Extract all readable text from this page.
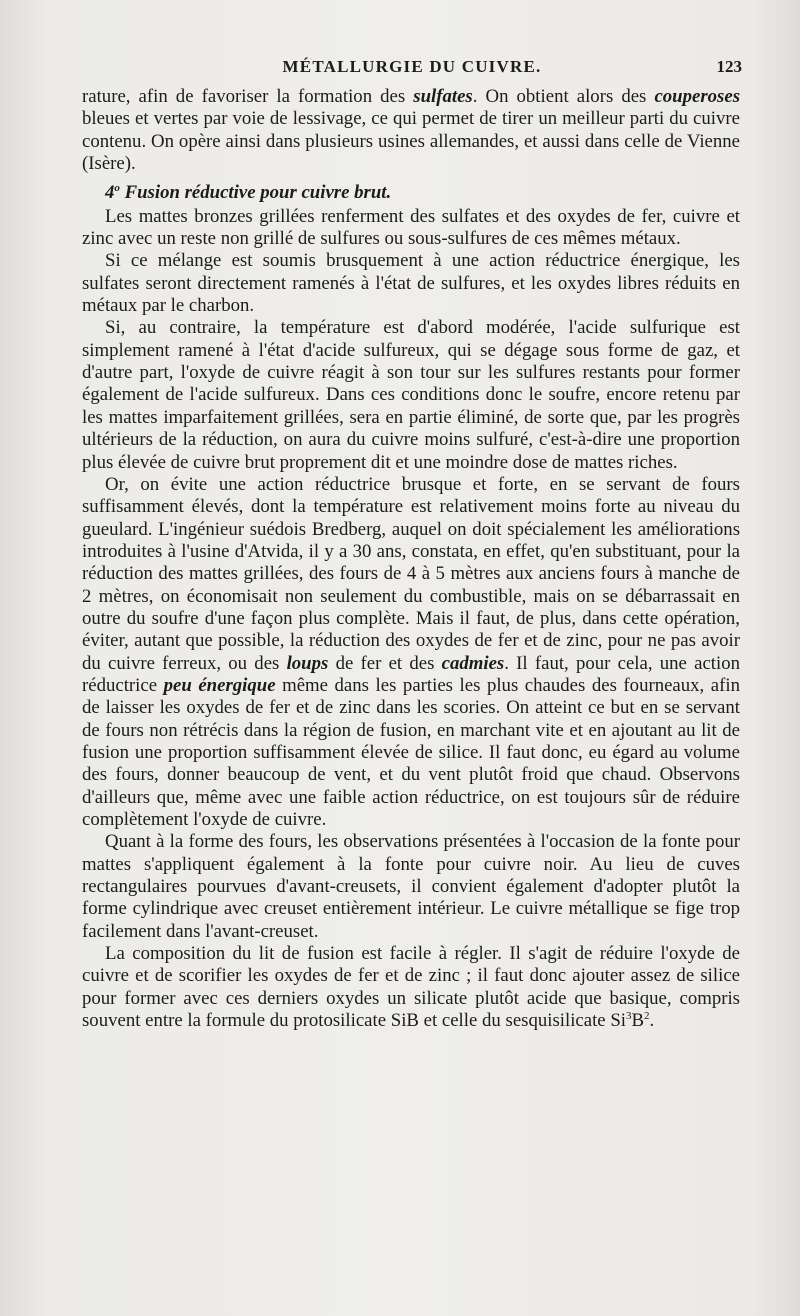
MÉTALLURGIE DU CUIVRE.	123

rature, afin de favoriser la formation des sulfates. On obtient alors des couperoses bleues et vertes par voie de lessivage, ce qui permet de tirer un meilleur parti du cuivre contenu. On opère ainsi dans plusieurs usines allemandes, et aussi dans celle de Vienne (Isère).

4$^o$ Fusion réductive pour cuivre brut.

Les mattes bronzes grillées renferment des sulfates et des oxydes de fer, cuivre et zinc avec un reste non grillé de sulfures ou sous-sulfures de ces mêmes métaux.

Si ce mélange est soumis brusquement à une action réductrice énergique, les sulfates seront directement ramenés à l'état de sulfures, et les oxydes libres réduits en métaux par le charbon.

Si, au contraire, la température est d'abord modérée, l'acide sulfurique est simplement ramené à l'état d'acide sulfureux, qui se dégage sous forme de gaz, et d'autre part, l'oxyde de cuivre réagit à son tour sur les sulfures restants pour former également de l'acide sulfureux. Dans ces conditions donc le soufre, encore retenu par les mattes imparfaitement grillées, sera en partie éliminé, de sorte que, par les progrès ultérieurs de la réduction, on aura du cuivre moins sulfuré, c'est-à-dire une proportion plus élevée de cuivre brut proprement dit et une moindre dose de mattes riches.

Or, on évite une action réductrice brusque et forte, en se servant de fours suffisamment élevés, dont la température est relativement moins forte au niveau du gueulard. L'ingénieur suédois Bredberg, auquel on doit spécialement les améliorations introduites à l'usine d'Atvida, il y a 30 ans, constata, en effet, qu'en substituant, pour la réduction des mattes grillées, des fours de 4 à 5 mètres aux anciens fours à manche de 2 mètres, on économisait non seulement du combustible, mais on se débarrassait en outre du soufre d'une façon plus complète. Mais il faut, de plus, dans cette opération, éviter, autant que possible, la réduction des oxydes de fer et de zinc, pour ne pas avoir du cuivre ferreux, ou des loups de fer et des cadmies. Il faut, pour cela, une action réductrice peu énergique même dans les parties les plus chaudes des fourneaux, afin de laisser les oxydes de fer et de zinc dans les scories. On atteint ce but en se servant de fours non rétrécis dans la région de fusion, en marchant vite et en ajoutant au lit de fusion une proportion suffisamment élevée de silice. Il faut donc, eu égard au volume des fours, donner beaucoup de vent, et du vent plutôt froid que chaud. Observons d'ailleurs que, même avec une faible action réductrice, on est toujours sûr de réduire complètement l'oxyde de cuivre.

Quant à la forme des fours, les observations présentées à l'occasion de la fonte pour mattes s'appliquent également à la fonte pour cuivre noir. Au lieu de cuves rectangulaires pourvues d'avant-creusets, il convient également d'adopter plutôt la forme cylindrique avec creuset entièrement intérieur. Le cuivre métallique se fige trop facilement dans l'avant-creuset.

La composition du lit de fusion est facile à régler. Il s'agit de réduire l'oxyde de cuivre et de scorifier les oxydes de fer et de zinc ; il faut donc ajouter assez de silice pour former avec ces derniers oxydes un silicate plutôt acide que basique, compris souvent entre la formule du protosilicate SiB et celle du sesquisilicate $Si^3B^2$.
